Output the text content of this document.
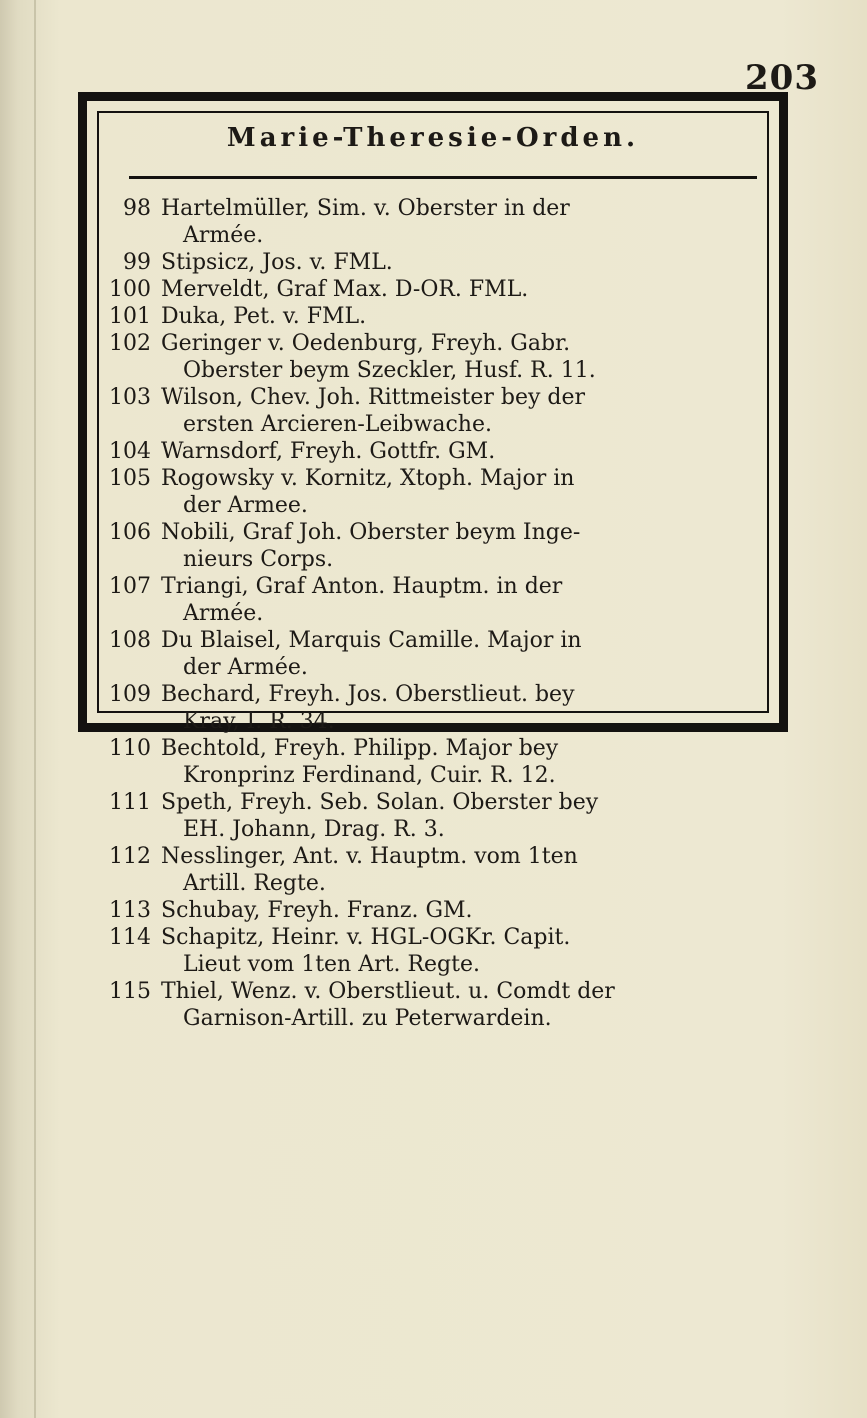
203
Marie-Theresie-Orden.
98 Hartelmüller, Sim. v. Oberster in der
Armée.
99 Stipsicz, Jos. v. FML.
100 Merveldt, Graf Max. D-OR. FML.
101 Duka, Pet. v. FML.
102 Geringer v. Oedenburg, Freyh. Gabr.
Oberster beym Szeckler, Husf. R. 11.
103 Wilson, Chev. Joh. Rittmeister bey der
ersten Arcieren-Leibwache.
104 Warnsdorf, Freyh. Gottfr. GM.
105 Rogowsky v. Kornitz, Xtoph. Major in
der Armee.
106 Nobili, Graf Joh. Oberster beym Inge-
nieurs Corps.
107 Triangi, Graf Anton. Hauptm. in der
Armée.
108 Du Blaisel, Marquis Camille. Major in
der Armée.
109 Bechard, Freyh. Jos. Oberstlieut. bey
Kray, I. R. 34.
110 Bechtold, Freyh. Philipp. Major bey
Kronprinz Ferdinand, Cuir. R. 12.
111 Speth, Freyh. Seb. Solan. Oberster bey
EH. Johann, Drag. R. 3.
112 Nesslinger, Ant. v. Hauptm. vom 1ten
Artill. Regte.
113 Schubay, Freyh. Franz. GM.
114 Schapitz, Heinr. v. HGL-OGKr. Capit.
Lieut vom 1ten Art. Regte.
115 Thiel, Wenz. v. Oberstlieut. u. Comdt der
Garnison-Artill. zu Peterwardein.
